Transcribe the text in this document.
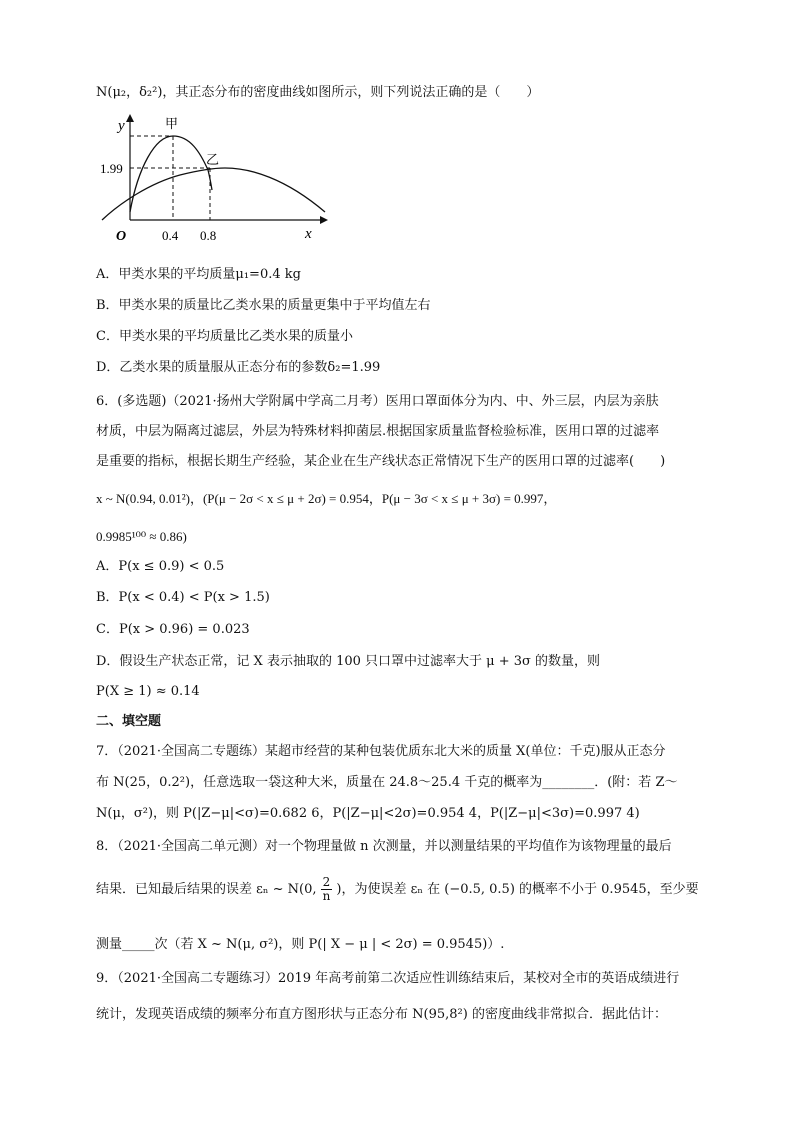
N(μ₂，δ₂²)，其正态分布的密度曲线如图所示，则下列说法正确的是（　　）
y
x
O
甲
乙
1.99
0.4 0.8
A．甲类水果的平均质量μ₁=0.4 kg
B．甲类水果的质量比乙类水果的质量更集中于平均值左右
C．甲类水果的平均质量比乙类水果的质量小
D．乙类水果的质量服从正态分布的参数δ₂=1.99
6．(多选题)（2021·扬州大学附属中学高二月考）医用口罩面体分为内、中、外三层，内层为亲肤
材质，中层为隔离过滤层，外层为特殊材料抑菌层.根据国家质量监督检验标准，医用口罩的过滤率
是重要的指标，根据长期生产经验，某企业在生产线状态正常情况下生产的医用口罩的过滤率(　　)
x ~ N(0.94, 0.01²)，(P(μ − 2σ < x ≤ μ + 2σ) = 0.954，P(μ − 3σ < x ≤ μ + 3σ) = 0.997，
0.9985¹⁰⁰ ≈ 0.86)
A．P(x ≤ 0.9) < 0.5
B．P(x < 0.4) < P(x > 1.5)
C．P(x > 0.96) = 0.023
D．假设生产状态正常，记 X 表示抽取的 100 只口罩中过滤率大于 μ + 3σ 的数量，则
P(X ≥ 1) ≈ 0.14
二、填空题
7．（2021·全国高二专题练）某超市经营的某种包装优质东北大米的质量 X(单位：千克)服从正态分
布 N(25，0.2²)，任意选取一袋这种大米，质量在 24.8～25.4 千克的概率为________．(附：若 Z～
N(μ，σ²)，则 P(|Z−μ|<σ)=0.682 6，P(|Z−μ|<2σ)=0.954 4，P(|Z−μ|<3σ)=0.997 4)
8．（2021·全国高二单元测）对一个物理量做 n 次测量，并以测量结果的平均值作为该物理量的最后
结果．已知最后结果的误差 εₙ ~ N(0, $\frac{2}{n}$ )，为使误差 εₙ 在 (−0.5, 0.5) 的概率不小于 0.9545，至少要
测量_____次（若 X ~ N(μ, σ²)，则 P(| X − μ | < 2σ) = 0.9545)）.
9．（2021·全国高二专题练习）2019 年高考前第二次适应性训练结束后，某校对全市的英语成绩进行
统计，发现英语成绩的频率分布直方图形状与正态分布 N(95,8²) 的密度曲线非常拟合．据此估计：
